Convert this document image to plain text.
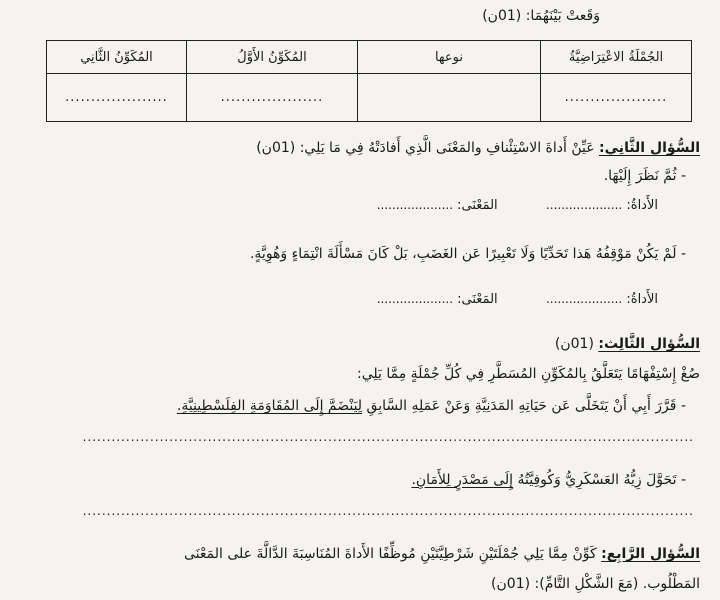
وَقَعتْ بَيْنَهُمَا: (01ن)
الجُمْلَةُ الاعْتِرَاضِيَّةُ	نوعها	المُكَوِّنُ الأَوَّلُ	المُكَوِّنُ الثَّانِي
....................		....................	....................
السُّؤال الثَّانِي: عَيِّنْ أَداةَ الاسْتِئْنافِ والمَعْنَى الَّذِي أَفادَتْهُ فِي مَا يَلِي: (01ن)
- ثُمَّ نَظَرَ إِلَيْهَا.
الأَداةُ: ....................  المَعْنَى: ....................
- لَمْ يَكُنْ مَوْقِفُهُ هَذا تَحَدِّيًا وَلَا تَعْبِيرًا عَن الغَضَبِ، بَلْ كَانَ مَسْأَلَةَ انْتِمَاءٍ وَهُوِيَّةٍ.
الأَداةُ: ....................  المَعْنَى: ....................
السُّؤال الثَّالِث: (01ن)
صُغْ إِسْتِفْهَامًا يَتَعَلَّقُ بِالمُكَوِّنِ المُسَطَّرِ فِي كُلِّ جُمْلَةٍ مِمَّا يَلِي:
- قَرَّرَ أَبِي أَنْ يَتَخَلَّى عَن حَيَاتِهِ المَدَنِيَّةِ وَعَنْ عَمَلِهِ السَّابِقِ لِيَنْضَمَّ إِلَى المُقَاوَمَةِ الفِلَسْطِينِيَّةِ.
...............................................................................................................................
- تَحَوَّلَ زِيُّهُ العَسْكَرِيُّ وَكُوفِيَّتُهُ إِلَى مَصْدَرٍ لِلأَمَانِ.
...............................................................................................................................
السُّؤال الرَّابِع: كَوِّنْ مِمَّا يَلِي جُمْلَتَيْنِ شَرْطِيَّتَيْنِ مُوظِّفًا الأَداةَ المُنَاسِبَةَ الدَّالَّةَ على المَعْنَى
المَطْلُوب. (مَعَ الشَّكْلِ التَّامِّ): (01ن)
